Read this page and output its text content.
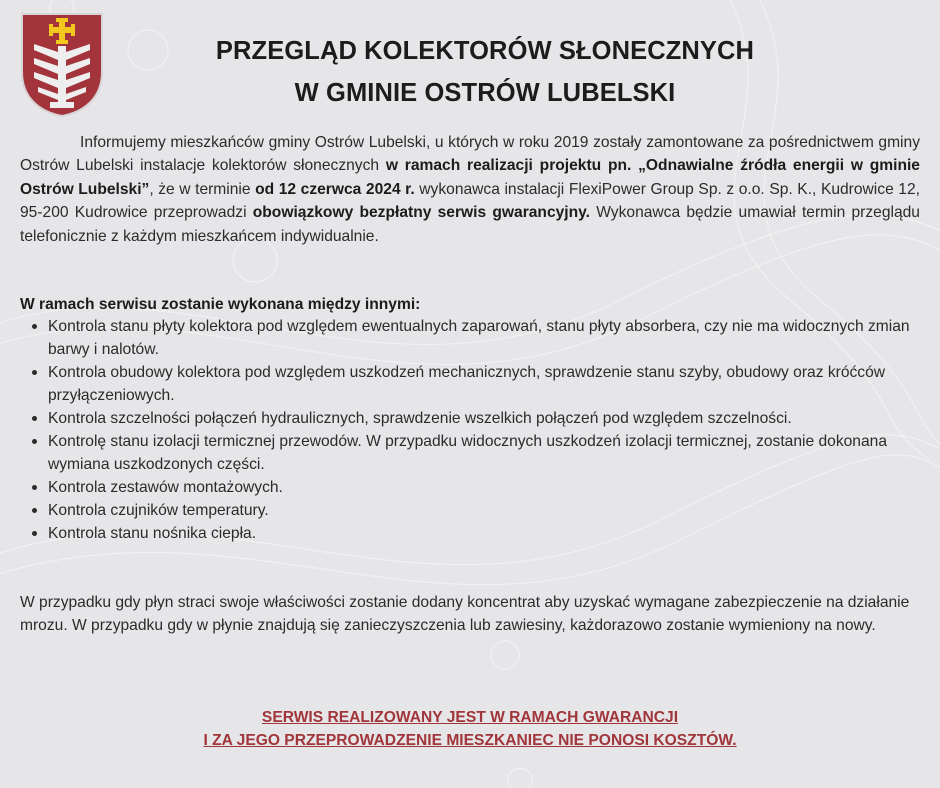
PRZEGLĄD KOLEKTORÓW SŁONECZNYCH
W GMINIE OSTRÓW LUBELSKI

Informujemy mieszkańców gminy Ostrów Lubelski, u których w roku 2019 zostały zamontowane za pośrednictwem gminy Ostrów Lubelski instalacje kolektorów słonecznych w ramach realizacji projektu pn. „Odnawialne źródła energii w gminie Ostrów Lubelski”, że w terminie od 12 czerwca 2024 r. wykonawca instalacji FlexiPower Group Sp. z o.o. Sp. K., Kudrowice 12, 95-200 Kudrowice przeprowadzi obowiązkowy bezpłatny serwis gwarancyjny. Wykonawca będzie umawiał termin przeglądu telefonicznie z każdym mieszkańcem indywidualnie.

W ramach serwisu zostanie wykonana między innymi:

Kontrola stanu płyty kolektora pod względem ewentualnych zaparowań, stanu płyty absorbera, czy nie ma widocznych zmian barwy i nalotów.
Kontrola obudowy kolektora pod względem uszkodzeń mechanicznych, sprawdzenie stanu szyby, obudowy oraz króćców przyłączeniowych.
Kontrola szczelności połączeń hydraulicznych, sprawdzenie wszelkich połączeń pod względem szczelności.
Kontrolę stanu izolacji termicznej przewodów. W przypadku widocznych uszkodzeń izolacji termicznej, zostanie dokonana wymiana uszkodzonych części.
Kontrola zestawów montażowych.
Kontrola czujników temperatury.
Kontrola stanu nośnika ciepła.

W przypadku gdy płyn straci swoje właściwości zostanie dodany koncentrat aby uzyskać wymagane zabezpieczenie na działanie mrozu. W przypadku gdy w płynie znajdują się zanieczyszczenia lub zawiesiny, każdorazowo zostanie wymieniony na nowy.

SERWIS REALIZOWANY JEST W RAMACH GWARANCJI
I ZA JEGO PRZEPROWADZENIE MIESZKANIEC NIE PONOSI KOSZTÓW.
